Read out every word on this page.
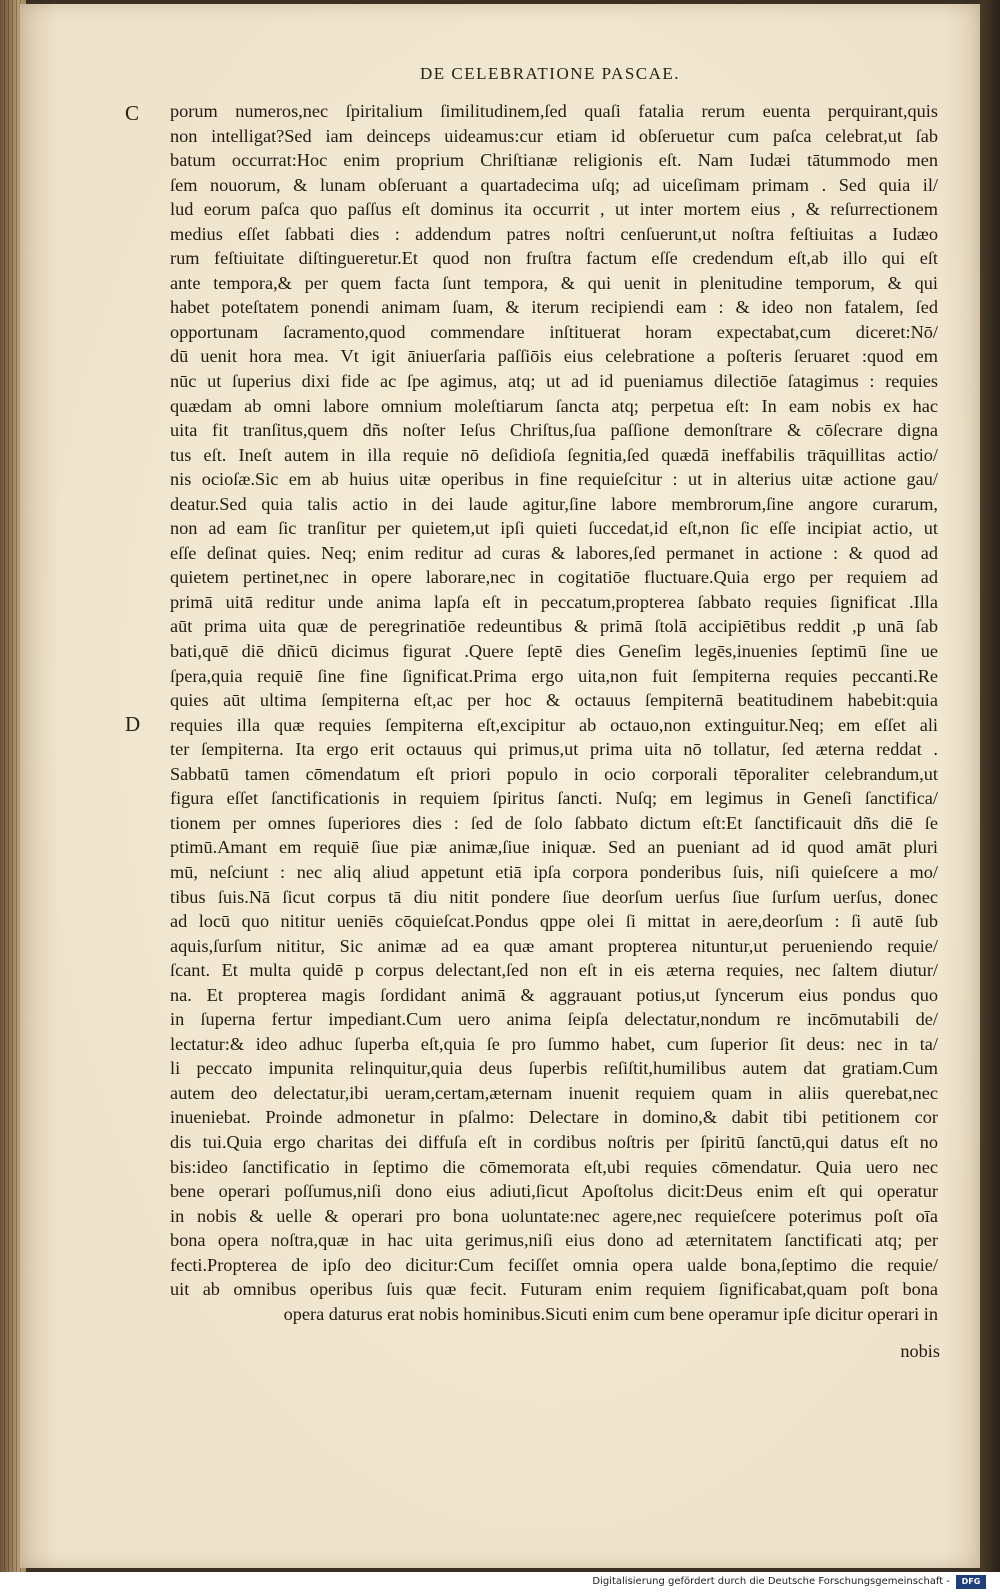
DE CELEBRATIONE PASCAE.
C
D
porum numeros,nec ſpiritalium ſimilitudinem,ſed quaſi fatalia rerum euenta perquirant,quis
non intelligat?Sed iam deinceps uideamus:cur etiam id obſeruetur cum paſca celebrat,ut ſab
batum occurrat:Hoc enim proprium Chriſtianæ religionis eſt. Nam Iudæi tātummodo men
ſem nouorum, & lunam obſeruant a quartadecima uſq; ad uiceſimam primam . Sed quia il/
lud eorum paſca quo paſſus eſt dominus ita occurrit , ut inter mortem eius , & reſurrectionem
medius eſſet ſabbati dies : addendum patres noſtri cenſuerunt,ut noſtra feſtiuitas a Iudæo
rum feſtiuitate diſtingueretur.Et quod non fruſtra factum eſſe credendum eſt,ab illo qui eſt
ante tempora,& per quem facta ſunt tempora, & qui uenit in plenitudine temporum, & qui
habet poteſtatem ponendi animam ſuam, & iterum recipiendi eam : & ideo non fatalem, ſed
opportunam ſacramento,quod commendare inſtituerat horam expectabat,cum diceret:Nō/
dū uenit hora mea. Vt igit āniuerſaria paſſiōis eius celebratione a poſteris ſeruaret :quod em
nūc ut ſuperius dixi fide ac ſpe agimus, atq; ut ad id pueniamus dilectiōe ſatagimus : requies
quædam ab omni labore omnium moleſtiarum ſancta atq; perpetua eſt: In eam nobis ex hac
uita fit tranſitus,quem dñs noſter Ieſus Chriſtus,ſua paſſione demonſtrare & cōſecrare digna
tus eſt. Ineſt autem in illa requie nō deſidioſa ſegnitia,ſed quædā ineffabilis trāquillitas actio/
nis ocioſæ.Sic em ab huius uitæ operibus in fine requieſcitur : ut in alterius uitæ actione gau/
deatur.Sed quia talis actio in dei laude agitur,ſine labore membrorum,ſine angore curarum,
non ad eam ſic tranſitur per quietem,ut ipſi quieti ſuccedat,id eſt,non ſic eſſe incipiat actio, ut
eſſe deſinat quies. Neq; enim reditur ad curas & labores,ſed permanet in actione : & quod ad
quietem pertinet,nec in opere laborare,nec in cogitatiōe fluctuare.Quia ergo per requiem ad
primā uitā reditur unde anima lapſa eſt in peccatum,propterea ſabbato requies ſignificat .Illa
aūt prima uita quæ de peregrinatiōe redeuntibus & primā ſtolā accipiētibus reddit ,p unā ſab
bati,quē diē dñicū dicimus figurat .Quere ſeptē dies Geneſim legēs,inuenies ſeptimū ſine ue
ſpera,quia requiē ſine fine ſignificat.Prima ergo uita,non fuit ſempiterna requies peccanti.Re
quies aūt ultima ſempiterna eſt,ac per hoc & octauus ſempiternā beatitudinem habebit:quia
requies illa quæ requies ſempiterna eſt,excipitur ab octauo,non extinguitur.Neq; em eſſet ali
ter ſempiterna. Ita ergo erit octauus qui primus,ut prima uita nō tollatur, ſed æterna reddat .
Sabbatū tamen cōmendatum eſt priori populo in ocio corporali tēporaliter celebrandum,ut
figura eſſet ſanctificationis in requiem ſpiritus ſancti. Nuſq; em legimus in Geneſi ſanctifica/
tionem per omnes ſuperiores dies : ſed de ſolo ſabbato dictum eſt:Et ſanctificauit dñs diē ſe
ptimū.Amant em requiē ſiue piæ animæ,ſiue iniquæ. Sed an pueniant ad id quod amāt pluri
mū, neſciunt : nec aliq aliud appetunt etiā ipſa corpora ponderibus ſuis, niſi quieſcere a mo/
tibus ſuis.Nā ſicut corpus tā diu nitit pondere ſiue deorſum uerſus ſiue ſurſum uerſus, donec
ad locū quo nititur ueniēs cōquieſcat.Pondus qppe olei ſi mittat in aere,deorſum : ſi autē ſub
aquis,ſurſum nititur, Sic animæ ad ea quæ amant propterea nituntur,ut perueniendo requie/
ſcant. Et multa quidē p corpus delectant,ſed non eſt in eis æterna requies, nec ſaltem diutur/
na. Et propterea magis ſordidant animā & aggrauant potius,ut ſyncerum eius pondus quo
in ſuperna fertur impediant.Cum uero anima ſeipſa delectatur,nondum re incōmutabili de/
lectatur:& ideo adhuc ſuperba eſt,quia ſe pro ſummo habet, cum ſuperior ſit deus: nec in ta/
li peccato impunita relinquitur,quia deus ſuperbis reſiſtit,humilibus autem dat gratiam.Cum
autem deo delectatur,ibi ueram,certam,æternam inuenit requiem quam in aliis querebat,nec
inueniebat. Proinde admonetur in pſalmo: Delectare in domino,& dabit tibi petitionem cor
dis tui.Quia ergo charitas dei diffuſa eſt in cordibus noſtris per ſpiritū ſanctū,qui datus eſt no
bis:ideo ſanctificatio in ſeptimo die cōmemorata eſt,ubi requies cōmendatur. Quia uero nec
bene operari poſſumus,niſi dono eius adiuti,ſicut Apoſtolus dicit:Deus enim eſt qui operatur
in nobis & uelle & operari pro bona uoluntate:nec agere,nec requieſcere poterimus poſt oīa
bona opera noſtra,quæ in hac uita gerimus,niſi eius dono ad æternitatem ſanctificati atq; per
fecti.Propterea de ipſo deo dicitur:Cum feciſſet omnia opera ualde bona,ſeptimo die requie/
uit ab omnibus operibus ſuis quæ fecit. Futuram enim requiem ſignificabat,quam poſt bona
opera daturus erat nobis hominibus.Sicuti enim cum bene operamur ipſe dicitur operari in
nobis
Digitalisierung gefördert durch die Deutsche Forschungsgemeinschaft -	DFG
